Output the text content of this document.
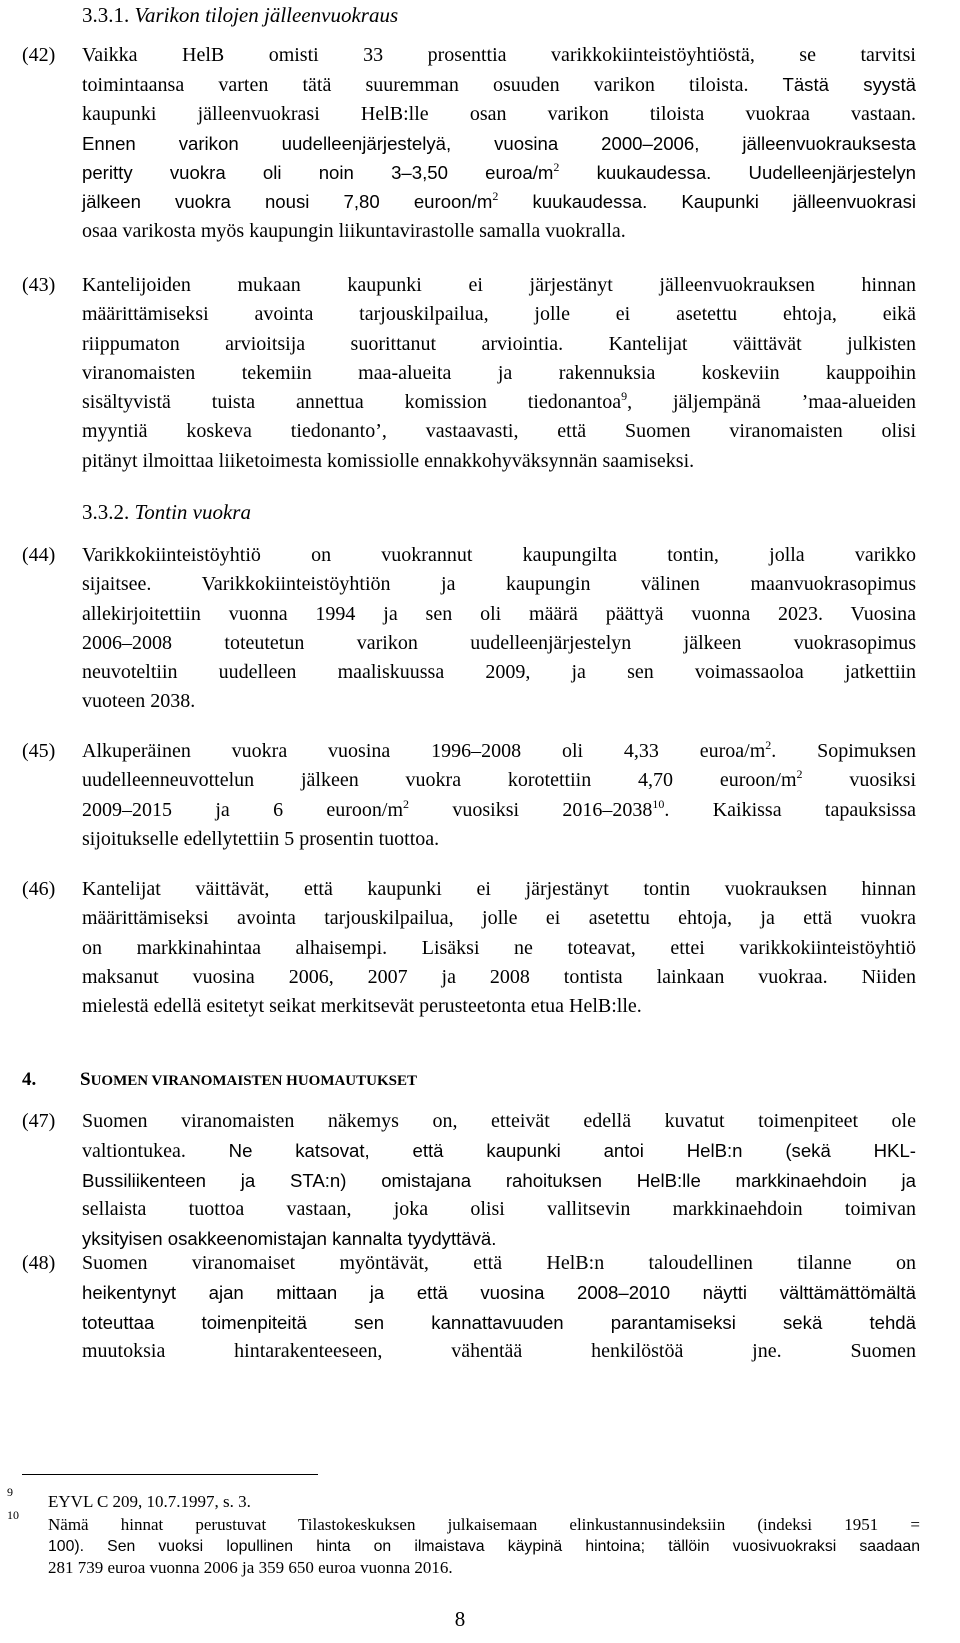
3.3.1. Varikon tilojen jälleenvuokraus
(42) Vaikka HelB omisti 33 prosenttia varikkokiinteistöyhtiöstä, se tarvitsi
toimintaansa varten tätä suuremman osuuden varikon tiloista. Tästä syystä
kaupunki jälleenvuokrasi HelB:lle osan varikon tiloista vuokraa vastaan.
Ennen varikon uudelleenjärjestelyä, vuosina 2000–2006, jälleenvuokrauksesta
peritty vuokra oli noin 3–3,50 euroa/$m^2$ kuukaudessa. Uudelleenjärjestelyn
jälkeen vuokra nousi 7,80 euroon/$m^2$ kuukaudessa. Kaupunki jälleenvuokrasi
osaa varikosta myös kaupungin liikuntavirastolle samalla vuokralla.
(43) Kantelijoiden mukaan kaupunki ei järjestänyt jälleenvuokrauksen hinnan
määrittämiseksi avointa tarjouskilpailua, jolle ei asetettu ehtoja, eikä
riippumaton arvioitsija suorittanut arviointia. Kantelijat väittävät julkisten
viranomaisten tekemiin maa-alueita ja rakennuksia koskeviin kauppoihin
sisältyvistä tuista annettua komission tiedonantoa$^9$, jäljempänä ’maa-alueiden
myyntiä koskeva tiedonanto’, vastaavasti, että Suomen viranomaisten olisi
pitänyt ilmoittaa liiketoimesta komissiolle ennakkohyväksynnän saamiseksi.
3.3.2. Tontin vuokra
(44) Varikkokiinteistöyhtiö on vuokrannut kaupungilta tontin, jolla varikko
sijaitsee. Varikkokiinteistöyhtiön ja kaupungin välinen maanvuokrasopimus
allekirjoitettiin vuonna 1994 ja sen oli määrä päättyä vuonna 2023. Vuosina
2006–2008 toteutetun varikon uudelleenjärjestelyn jälkeen vuokrasopimus
neuvoteltiin uudelleen maaliskuussa 2009, ja sen voimassaoloa jatkettiin
vuoteen 2038.
(45) Alkuperäinen vuokra vuosina 1996–2008 oli 4,33 euroa/$m^2$. Sopimuksen
uudelleenneuvottelun jälkeen vuokra korotettiin 4,70 euroon/$m^2$ vuosiksi
2009–2015 ja 6 euroon/$m^2$ vuosiksi 2016–2038$^{10}$. Kaikissa tapauksissa
sijoitukselle edellytettiin 5 prosentin tuottoa.
(46) Kantelijat väittävät, että kaupunki ei järjestänyt tontin vuokrauksen hinnan
määrittämiseksi avointa tarjouskilpailua, jolle ei asetettu ehtoja, ja että vuokra
on markkinahintaa alhaisempi. Lisäksi ne toteavat, ettei varikkokiinteistöyhtiö
maksanut vuosina 2006, 2007 ja 2008 tontista lainkaan vuokraa. Niiden
mielestä edellä esitetyt seikat merkitsevät perusteetonta etua HelB:lle.
4. SUOMEN VIRANOMAISTEN HUOMAUTUKSET
(47) Suomen viranomaisten näkemys on, etteivät edellä kuvatut toimenpiteet ole
valtiontukea. Ne katsovat, että kaupunki antoi HelB:n (sekä HKL-
Bussiliikenteen ja STA:n) omistajana rahoituksen HelB:lle markkinaehdoin ja
sellaista tuottoa vastaan, joka olisi vallitsevin markkinaehdoin toimivan
yksityisen osakkeenomistajan kannalta tyydyttävä.
(48) Suomen viranomaiset myöntävät, että HelB:n taloudellinen tilanne on
heikentynyt ajan mittaan ja että vuosina 2008–2010 näytti välttämättömältä
toteuttaa toimenpiteitä sen kannattavuuden parantamiseksi sekä tehdä
muutoksia hintarakenteeseen, vähentää henkilöstöä jne. Suomen
9 EYVL C 209, 10.7.1997, s. 3.
10 Nämä hinnat perustuvat Tilastokeskuksen julkaisemaan elinkustannusindeksiin (indeksi 1951 =
100). Sen vuoksi lopullinen hinta on ilmaistava käypinä hintoina; tällöin vuosivuokraksi saadaan
281 739 euroa vuonna 2006 ja 359 650 euroa vuonna 2016.
8
